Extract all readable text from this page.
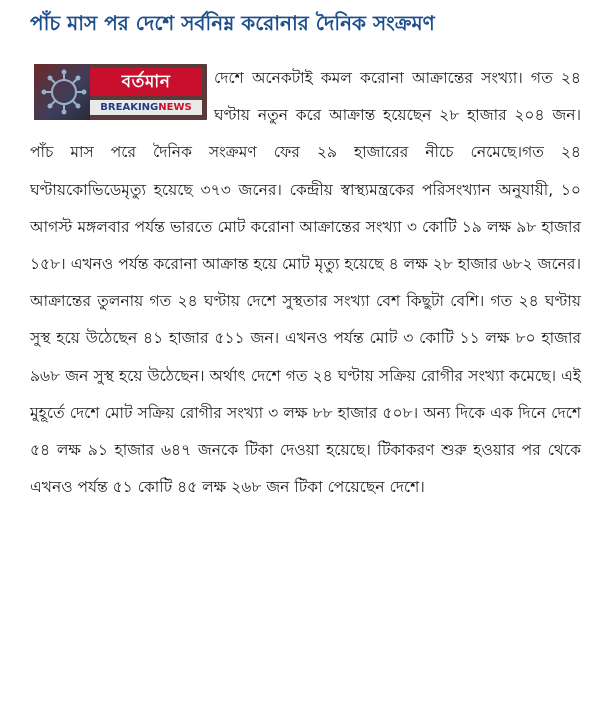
পাঁচ মাস পর দেশে সর্বনিম্ন করোনার দৈনিক সংক্রমণ
বর্তমান
BREAKINGNEWS
দেশে অনেকটাই কমল করোনা আক্রান্তের সংখ্যা। গত ২৪ ঘণ্টায় নতুন করে আক্রান্ত হয়েছেন ২৮ হাজার ২০৪ জন। পাঁচ মাস পরে দৈনিক সংক্রমণ ফের ২৯ হাজারের নীচে নেমেছে।গত ২৪ ঘণ্টায়কোভিডেমৃত্যু হয়েছে ৩৭৩ জনের। কেন্দ্রীয় স্বাস্থ্যমন্ত্রকের পরিসংখ্যান অনুযায়ী, ১০ আগস্ট মঙ্গলবার পর্যন্ত ভারতে মোট করোনা আক্রান্তের সংখ্যা ৩ কোটি ১৯ লক্ষ ৯৮ হাজার ১৫৮। এখনও পর্যন্ত করোনা আক্রান্ত হয়ে মোট মৃত্যু হয়েছে ৪ লক্ষ ২৮ হাজার ৬৮২ জনের।আক্রান্তের তুলনায় গত ২৪ ঘণ্টায় দেশে সুস্থতার সংখ্যা বেশ কিছুটা বেশি। গত ২৪ ঘণ্টায় সুস্থ হয়ে উঠেছেন ৪১ হাজার ৫১১ জন। এখনও পর্যন্ত মোট ৩ কোটি ১১ লক্ষ ৮০ হাজার ৯৬৮ জন সুস্থ হয়ে উঠেছেন। অর্থাৎ দেশে গত ২৪ ঘণ্টায় সক্রিয় রোগীর সংখ্যা কমেছে। এই মুহূর্তে দেশে মোট সক্রিয় রোগীর সংখ্যা ৩ লক্ষ ৮৮ হাজার ৫০৮। অন্য দিকে এক দিনে দেশে ৫৪ লক্ষ ৯১ হাজার ৬৪৭ জনকে টিকা দেওয়া হয়েছে। টিকাকরণ শুরু হওয়ার পর থেকে এখনও পর্যন্ত ৫১ কোটি ৪৫ লক্ষ ২৬৮ জন টিকা পেয়েছেন দেশে।
